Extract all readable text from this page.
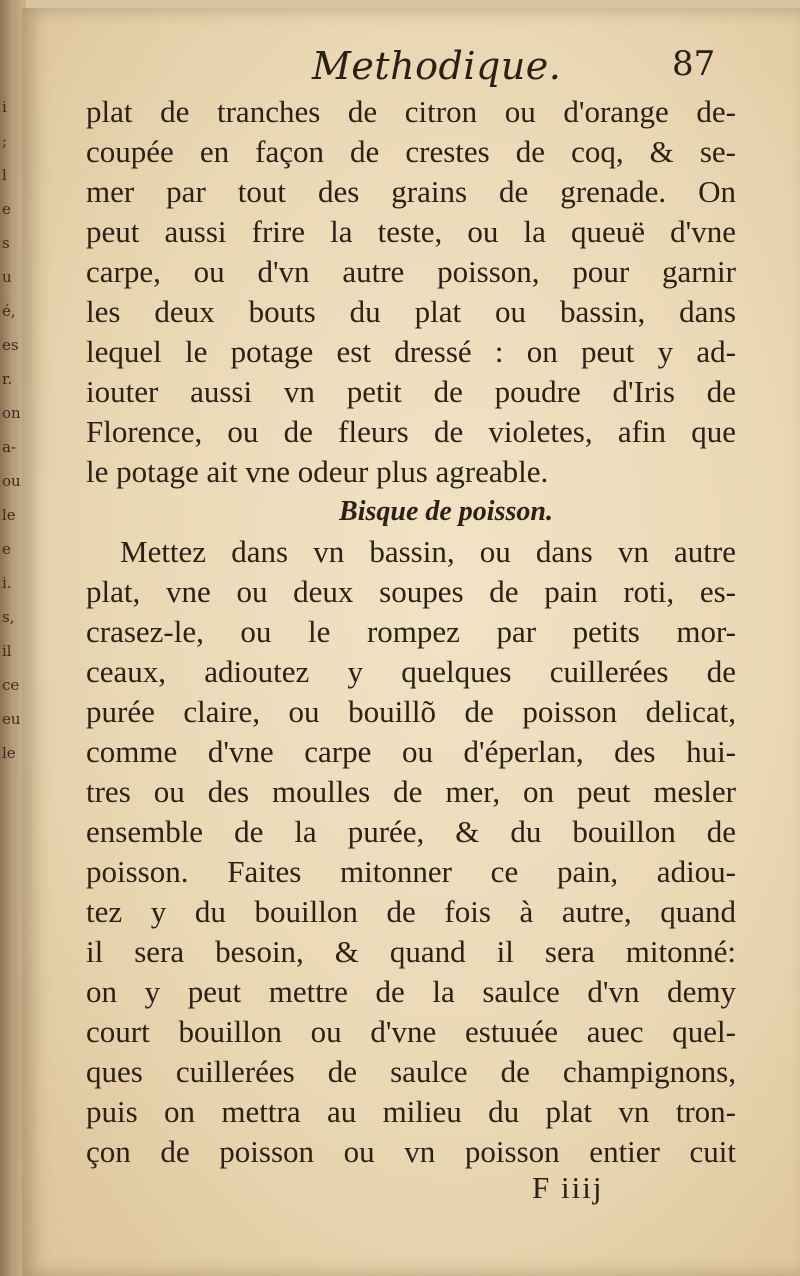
i
;
l
e
s
u
é,
es
r.
on
a-
ou
le
e
i.
s,
il
ce
eu
le
Methodique.	87
plat de tranches de citron ou d'orange de-
coupée en façon de crestes de coq, & se-
mer par tout des grains de grenade. On
peut aussi frire la teste, ou la queuë d'vne
carpe, ou d'vn autre poisson, pour garnir
les deux bouts du plat ou bassin, dans
lequel le potage est dressé : on peut y ad-
iouter aussi vn petit de poudre d'Iris de
Florence, ou de fleurs de violetes, afin que
le potage ait vne odeur plus agreable.
Bisque de poisson.
Mettez dans vn bassin, ou dans vn autre
plat, vne ou deux soupes de pain roti, es-
crasez-le, ou le rompez par petits mor-
ceaux, adioutez y quelques cuillerées de
purée claire, ou bouillõ de poisson delicat,
comme d'vne carpe ou d'éperlan, des hui-
tres ou des moulles de mer, on peut mesler
ensemble de la purée, & du bouillon de
poisson. Faites mitonner ce pain, adiou-
tez y du bouillon de fois à autre, quand
il sera besoin, & quand il sera mitonné:
on y peut mettre de la saulce d'vn demy
court bouillon ou d'vne estuuée auec quel-
ques cuillerées de saulce de champignons,
puis on mettra au milieu du plat vn tron-
çon de poisson ou vn poisson entier cuit
F iiij
